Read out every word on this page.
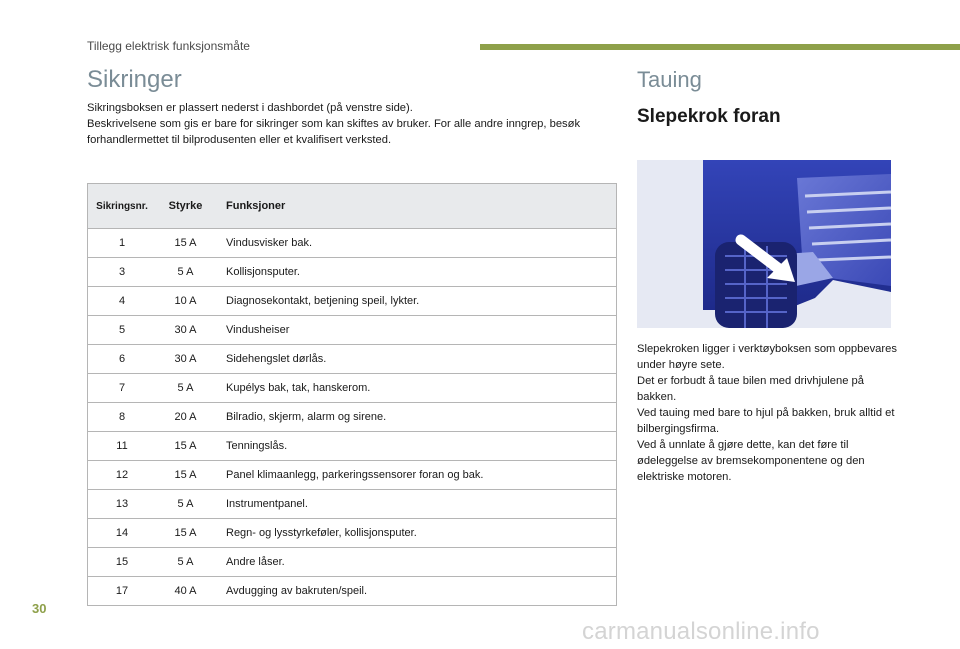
Tillegg elektrisk funksjonsmåte
Sikringer

Sikringsboksen er plassert nederst i dashbordet (på venstre side).

Beskrivelsene som gis er bare for sikringer som kan skiftes av bruker. For alle andre inngrep, besøk forhandlermettet til bilprodusenten eller et kvalifisert verksted.

Sikringsnr.	Styrke	Funksjoner
1	15 A	Vindusvisker bak.
3	5 A	Kollisjonsputer.
4	10 A	Diagnosekontakt, betjening speil, lykter.
5	30 A	Vindusheiser
6	30 A	Sidehengslet dørlås.
7	5 A	Kupélys bak, tak, hanskerom.
8	20 A	Bilradio, skjerm, alarm og sirene.
11	15 A	Tenningslås.
12	15 A	Panel klimaanlegg, parkeringssensorer foran og bak.
13	5 A	Instrumentpanel.
14	15 A	Regn- og lysstyrkeføler, kollisjonsputer.
15	5 A	Andre låser.
17	40 A	Avdugging av bakruten/speil.
Tauing
Slepekrok foran

Slepekroken ligger i verktøyboksen som oppbevares under høyre sete.

Det er forbudt å taue bilen med drivhjulene på bakken.

Ved tauing med bare to hjul på bakken, bruk alltid et bilbergingsfirma.

Ved å unnlate å gjøre dette, kan det føre til ødeleggelse av bremsekomponentene og den elektriske motoren.

30
carmanualsonline.info
